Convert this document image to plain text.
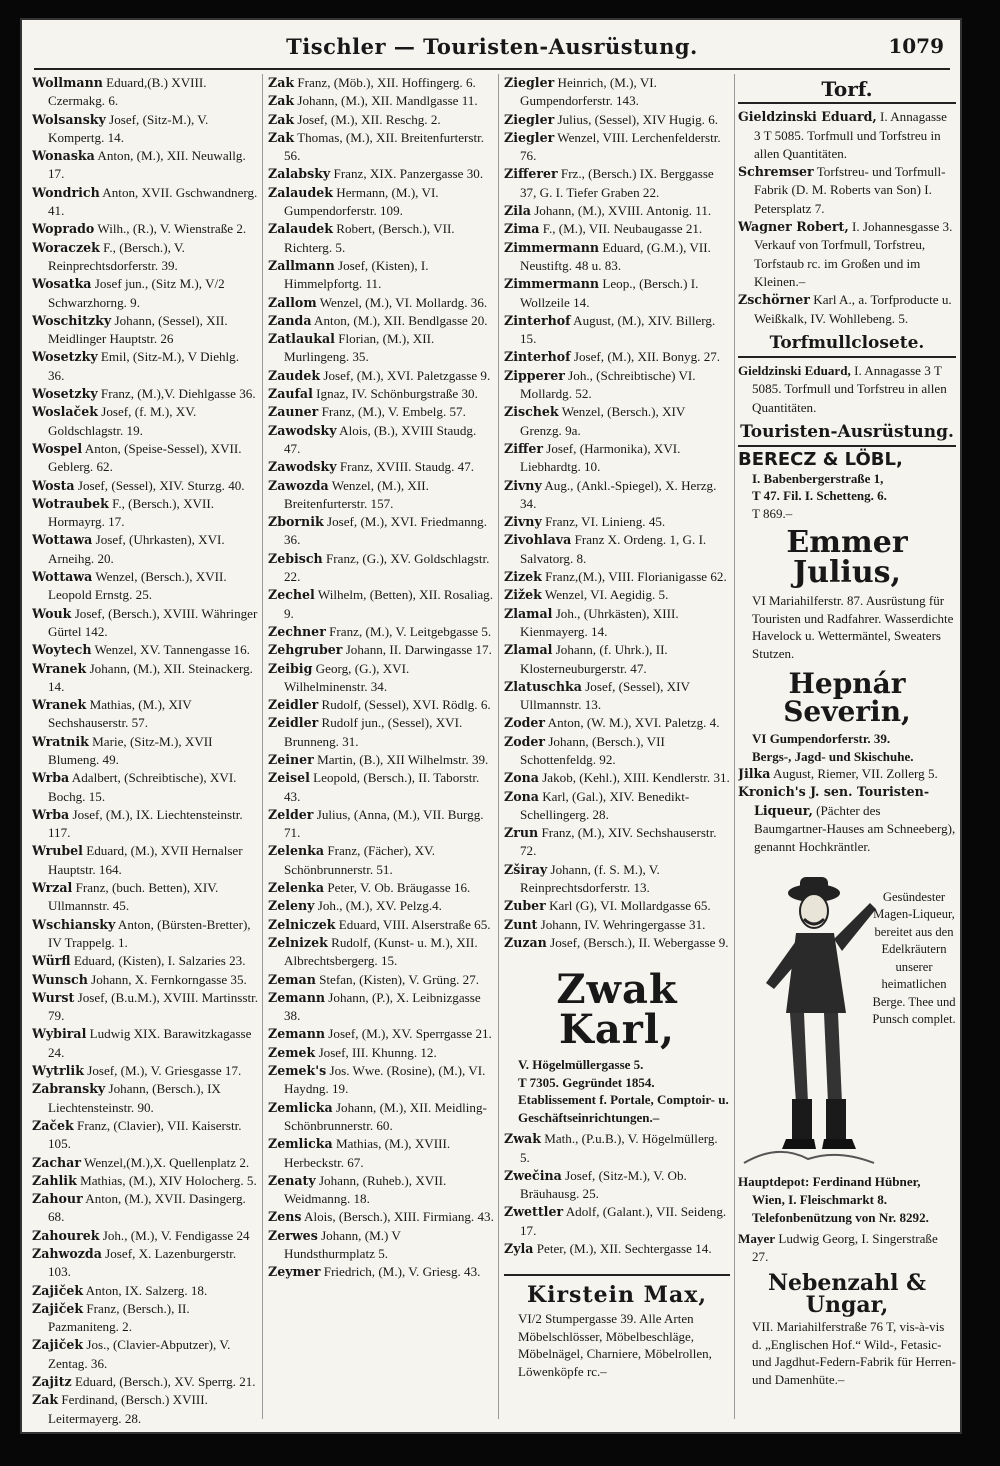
Tischler — Touristen-Ausrüstung.	1079

Wollmann Eduard,(B.) XVIII. Czermakg. 6.

Wolsansky Josef, (Sitz-M.), V. Kompertg. 14.

Wonaska Anton, (M.), XII. Neuwallg. 17.

Wondrich Anton, XVII. Gschwandnerg. 41.

Woprado Wilh., (R.), V. Wienstraße 2.

Woraczek F., (Bersch.), V. Reinprechtsdorferstr. 39.

Wosatka Josef jun., (Sitz M.), V/2 Schwarzhorng. 9.

Woschitzky Johann, (Sessel), XII. Meidlinger Hauptstr. 26

Wosetzky Emil, (Sitz-M.), V Diehlg. 36.

Wosetzky Franz, (M.),V. Diehlgasse 36.

Woslaček Josef, (f. M.), XV. Goldschlagstr. 19.

Wospel Anton, (Speise-Sessel), XVII. Geblerg. 62.

Wosta Josef, (Sessel), XIV. Sturzg. 40.

Wotraubek F., (Bersch.), XVII. Hormayrg. 17.

Wottawa Josef, (Uhrkasten), XVI. Arneihg. 20.

Wottawa Wenzel, (Bersch.), XVII. Leopold Ernstg. 25.

Wouk Josef, (Bersch.), XVIII. Währinger Gürtel 142.

Woytech Wenzel, XV. Tannengasse 16.

Wranek Johann, (M.), XII. Steinackerg. 14.

Wranek Mathias, (M.), XIV Sechshauserstr. 57.

Wratnik Marie, (Sitz-M.), XVII Blumeng. 49.

Wrba Adalbert, (Schreibtische), XVI. Bochg. 15.

Wrba Josef, (M.), IX. Liechtensteinstr. 117.

Wrubel Eduard, (M.), XVII Hernalser Hauptstr. 164.

Wrzal Franz, (buch. Betten), XIV. Ullmannstr. 45.

Wschiansky Anton, (Bürsten-Bretter), IV Trappelg. 1.

Würfl Eduard, (Kisten), I. Salzaries 23.

Wunsch Johann, X. Fernkorngasse 35.

Wurst Josef, (B.u.M.), XVIII. Martinsstr. 79.

Wybiral Ludwig XIX. Barawitzkagasse 24.

Wytrlik Josef, (M.), V. Griesgasse 17.

Zabransky Johann, (Bersch.), IX Liechtensteinstr. 90.

Začek Franz, (Clavier), VII. Kaiserstr. 105.

Zachar Wenzel,(M.),X. Quellenplatz 2.

Zahlik Mathias, (M.), XIV Holocherg. 5.

Zahour Anton, (M.), XVII. Dasingerg. 68.

Zahourek Joh., (M.), V. Fendigasse 24

Zahwozda Josef, X. Lazenburgerstr. 103.

Zajiček Anton, IX. Salzerg. 18.

Zajiček Franz, (Bersch.), II. Pazmaniteng. 2.

Zajiček Jos., (Clavier-Abputzer), V. Zentag. 36.

Zajitz Eduard, (Bersch.), XV. Sperrg. 21.

Zak Ferdinand, (Bersch.) XVIII. Leitermayerg. 28.

Zak Franz, (Möb.), XII. Hoffingerg. 6.

Zak Johann, (M.), XII. Mandlgasse 11.

Zak Josef, (M.), XII. Reschg. 2.

Zak Thomas, (M.), XII. Breitenfurterstr. 56.

Zalabsky Franz, XIX. Panzergasse 30.

Zalaudek Hermann, (M.), VI. Gumpendorferstr. 109.

Zalaudek Robert, (Bersch.), VII. Richterg. 5.

Zallmann Josef, (Kisten), I. Himmelpfortg. 11.

Zallom Wenzel, (M.), VI. Mollardg. 36.

Zanda Anton, (M.), XII. Bendlgasse 20.

Zatlaukal Florian, (M.), XII. Murlingeng. 35.

Zaudek Josef, (M.), XVI. Paletzgasse 9.

Zaufal Ignaz, IV. Schönburgstraße 30.

Zauner Franz, (M.), V. Embelg. 57.

Zawodsky Alois, (B.), XVIII Staudg. 47.

Zawodsky Franz, XVIII. Staudg. 47.

Zawozda Wenzel, (M.), XII. Breitenfurterstr. 157.

Zbornik Josef, (M.), XVI. Friedmanng. 36.

Zebisch Franz, (G.), XV. Goldschlagstr. 22.

Zechel Wilhelm, (Betten), XII. Rosaliag. 9.

Zechner Franz, (M.), V. Leitgebgasse 5.

Zehgruber Johann, II. Darwingasse 17.

Zeibig Georg, (G.), XVI. Wilhelminenstr. 34.

Zeidler Rudolf, (Sessel), XVI. Rödlg. 6.

Zeidler Rudolf jun., (Sessel), XVI. Brunneng. 31.

Zeiner Martin, (B.), XII Wilhelmstr. 39.

Zeisel Leopold, (Bersch.), II. Taborstr. 43.

Zelder Julius, (Anna, (M.), VII. Burgg. 71.

Zelenka Franz, (Fächer), XV. Schönbrunnerstr. 51.

Zelenka Peter, V. Ob. Bräugasse 16.

Zeleny Joh., (M.), XV. Pelzg.4.

Zelniczek Eduard, VIII. Alserstraße 65.

Zelnizek Rudolf, (Kunst- u. M.), XII. Albrechtsbergerg. 15.

Zeman Stefan, (Kisten), V. Grüng. 27.

Zemann Johann, (P.), X. Leibnizgasse 38.

Zemann Josef, (M.), XV. Sperrgasse 21.

Zemek Josef, III. Khunng. 12.

Zemek's Jos. Wwe. (Rosine), (M.), VI. Haydng. 19.

Zemlicka Johann, (M.), XII. Meidling-Schönbrunnerstr. 60.

Zemlicka Mathias, (M.), XVIII. Herbeckstr. 67.

Zenaty Johann, (Ruheb.), XVII. Weidmanng. 18.

Zens Alois, (Bersch.), XIII. Firmiang. 43.

Zerwes Johann, (M.) V Hundsthurmplatz 5.

Zeymer Friedrich, (M.), V. Griesg. 43.

Ziegler Heinrich, (M.), VI. Gumpendorferstr. 143.

Ziegler Julius, (Sessel), XIV Hugig. 6.

Ziegler Wenzel, VIII. Lerchenfelderstr. 76.

Zifferer Frz., (Bersch.) IX. Berggasse 37, G. I. Tiefer Graben 22.

Zila Johann, (M.), XVIII. Antonig. 11.

Zima F., (M.), VII. Neubaugasse 21.

Zimmermann Eduard, (G.M.), VII. Neustiftg. 48 u. 83.

Zimmermann Leop., (Bersch.) I. Wollzeile 14.

Zinterhof August, (M.), XIV. Billerg. 15.

Zinterhof Josef, (M.), XII. Bonyg. 27.

Zipperer Joh., (Schreibtische) VI. Mollardg. 52.

Zischek Wenzel, (Bersch.), XIV Grenzg. 9a.

Ziffer Josef, (Harmonika), XVI. Liebhardtg. 10.

Zivny Aug., (Ankl.-Spiegel), X. Herzg. 34.

Zivny Franz, VI. Linieng. 45.

Zivohlava Franz X. Ordeng. 1, G. I. Salvatorg. 8.

Zizek Franz,(M.), VIII. Florianigasse 62.

Zižek Wenzel, VI. Aegidig. 5.

Zlamal Joh., (Uhrkästen), XIII. Kienmayerg. 14.

Zlamal Johann, (f. Uhrk.), II. Klosterneuburgerstr. 47.

Zlatuschka Josef, (Sessel), XIV Ullmannstr. 13.

Zoder Anton, (W. M.), XVI. Paletzg. 4.

Zoder Johann, (Bersch.), VII Schottenfeldg. 92.

Zona Jakob, (Kehl.), XIII. Kendlerstr. 31.

Zona Karl, (Gal.), XIV. Benedikt-Schellingerg. 28.

Zrun Franz, (M.), XIV. Sechshauserstr. 72.

Zširay Johann, (f. S. M.), V. Reinprechtsdorferstr. 13.

Zuber Karl (G), VI. Mollardgasse 65.

Zunt Johann, IV. Wehringergasse 31.

Zuzan Josef, (Bersch.), II. Webergasse 9.

Zwak Karl,
V. Högelmüllergasse 5.
T 7305. Gegründet 1854. Etablissement f. Portale, Comptoir- u. Geschäftseinrichtungen.–

Zwak Math., (P.u.B.), V. Högelmüllerg. 5.

Zwečina Josef, (Sitz-M.), V. Ob. Bräuhausg. 25.

Zwettler Adolf, (Galant.), VII. Seideng. 17.

Zyla Peter, (M.), XII. Sechtergasse 14.

Kirstein Max,
VI/2 Stumpergasse 39. Alle Arten Möbelschlösser, Möbelbeschläge, Möbelnägel, Charniere, Möbelrollen, Löwenköpfe rc.–
Torf.

Gieldzinski Eduard, I. Annagasse 3 T 5085. Torfmull und Torfstreu in allen Quantitäten.

Schremser Torfstreu- und Torfmull-Fabrik (D. M. Roberts van Son) I. Petersplatz 7.

Wagner Robert, I. Johannesgasse 3. Verkauf von Torfmull, Torfstreu, Torfstaub rc. im Großen und im Kleinen.–

Zschörner Karl A., a. Torfproducte u. Weißkalk, IV. Wohllebeng. 5.

Torfmullclosete.
Gieldzinski Eduard, I. Annagasse 3 T 5085. Torfmull und Torfstreu in allen Quantitäten.
Touristen-Ausrüstung.
BERECZ & LÖBL,
I. Babenbergerstraße 1,
T 47. Fil. I. Schetteng. 6.
T 869.–
Emmer Julius,
VI Mariahilferstr. 87. Ausrüstung für Touristen und Radfahrer. Wasserdichte Havelock u. Wettermäntel, Sweaters Stutzen.
Hepnár Severin,
VI Gumpendorferstr. 39.
Bergs-, Jagd- und Skischuhe.

Jilka August, Riemer, VII. Zollerg 5.

Kronich's J. sen. Touristen-Liqueur, (Pächter des Baumgartner-Hauses am Schneeberg), genannt Hochkräntler.

Gesündester Magen-Liqueur, bereitet aus den Edelkräutern unserer heimatlichen Berge. Thee und Punsch complet.
Hauptdepot: Ferdinand Hübner, Wien, I. Fleischmarkt 8. Telefonbenützung von Nr. 8292.
Mayer Ludwig Georg, I. Singerstraße 27.
Nebenzahl & Ungar,
VII. Mariahilferstraße 76 T, vis-à-vis d. „Englischen Hof.“ Wild-, Fetasic- und Jagdhut-Federn-Fabrik für Herren- und Damenhüte.–
